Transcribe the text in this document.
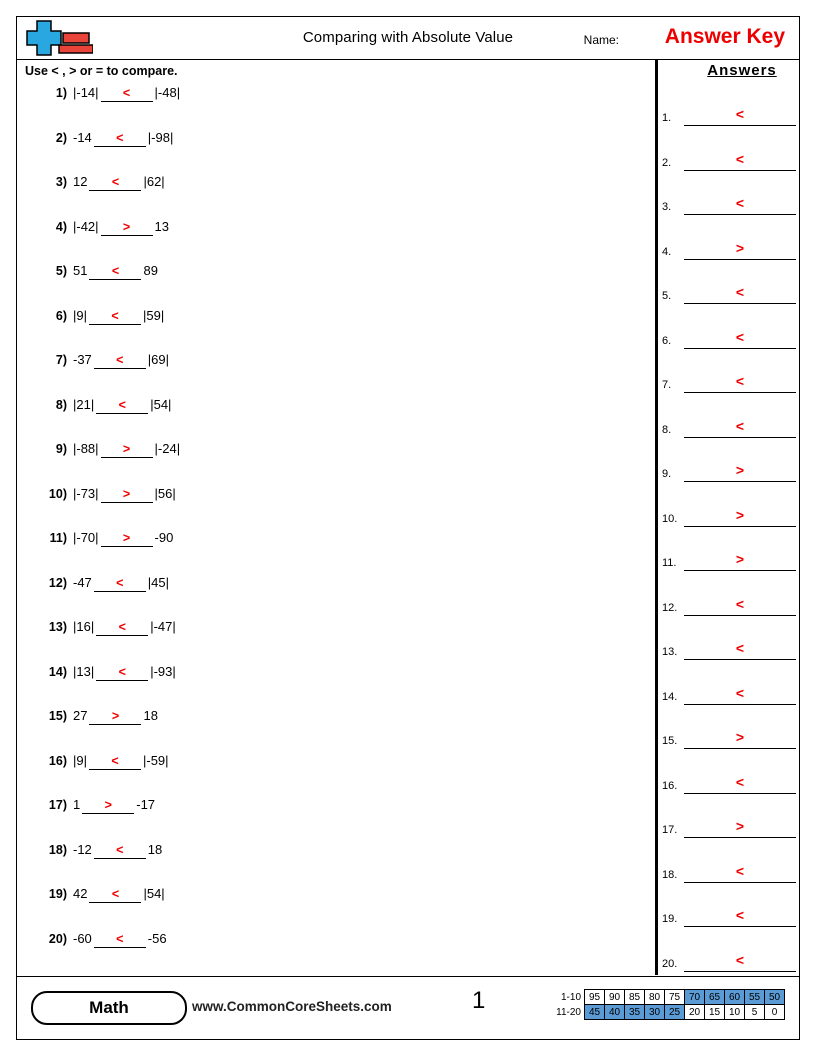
Comparing with Absolute Value	Name: Answer Key
Use < , > or = to compare.
1) |-14| < |-48|
2) -14 < |-98|
3) 12 < |62|
4) |-42| > 13
5) 51 < 89
6) |9| < |59|
7) -37 < |69|
8) |21| < |54|
9) |-88| > |-24|
10) |-73| > |56|
11) |-70| > -90
12) -47 < |45|
13) |16| < |-47|
14) |13| < |-93|
15) 27 > 18
16) |9| < |-59|
17) 1 > -17
18) -12 < 18
19) 42 < |54|
20) -60 < -56
Answers
1.	<
2.	<
3.	<
4.	>
5.	<
6.	<
7.	<
8.	<
9.	>
10.	>
11.	>
12.	<
13.	<
14.	<
15.	>
16.	<
17.	>
18.	<
19.	<
20.	<
Math	www.CommonCoreSheets.com	1	1-10	95	90	85	80	75	70	65	60	55	50
11-20	45	40	35	30	25	20	15	10	5	0
